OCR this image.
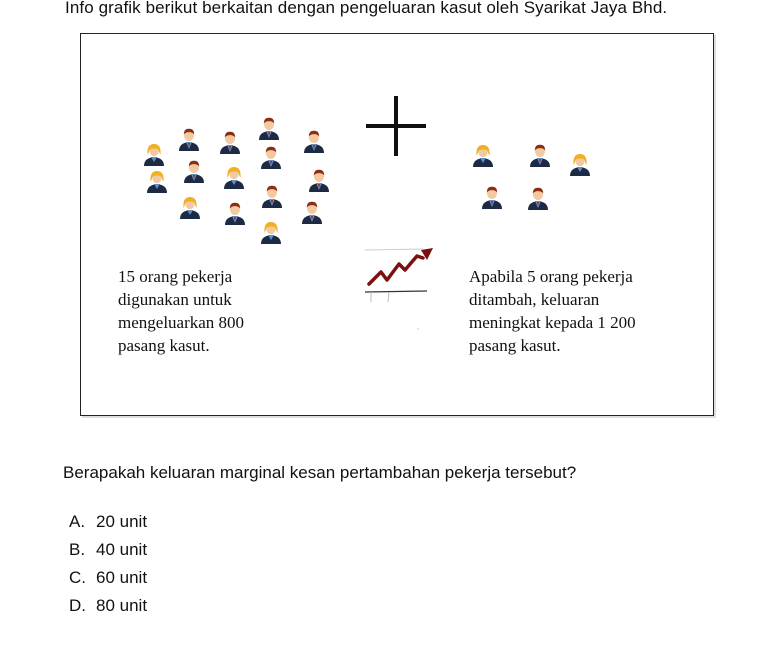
Info grafik berikut berkaitan dengan pengeluaran kasut oleh Syarikat Jaya Bhd.
15 orang pekerja
digunakan untuk
mengeluarkan 800
pasang kasut.
Apabila 5 orang pekerja
ditambah, keluaran
meningkat kepada 1 200
pasang kasut.
Berapakah keluaran marginal kesan pertambahan pekerja tersebut?
A. 20 unit
B. 40 unit
C. 60 unit
D. 80 unit
